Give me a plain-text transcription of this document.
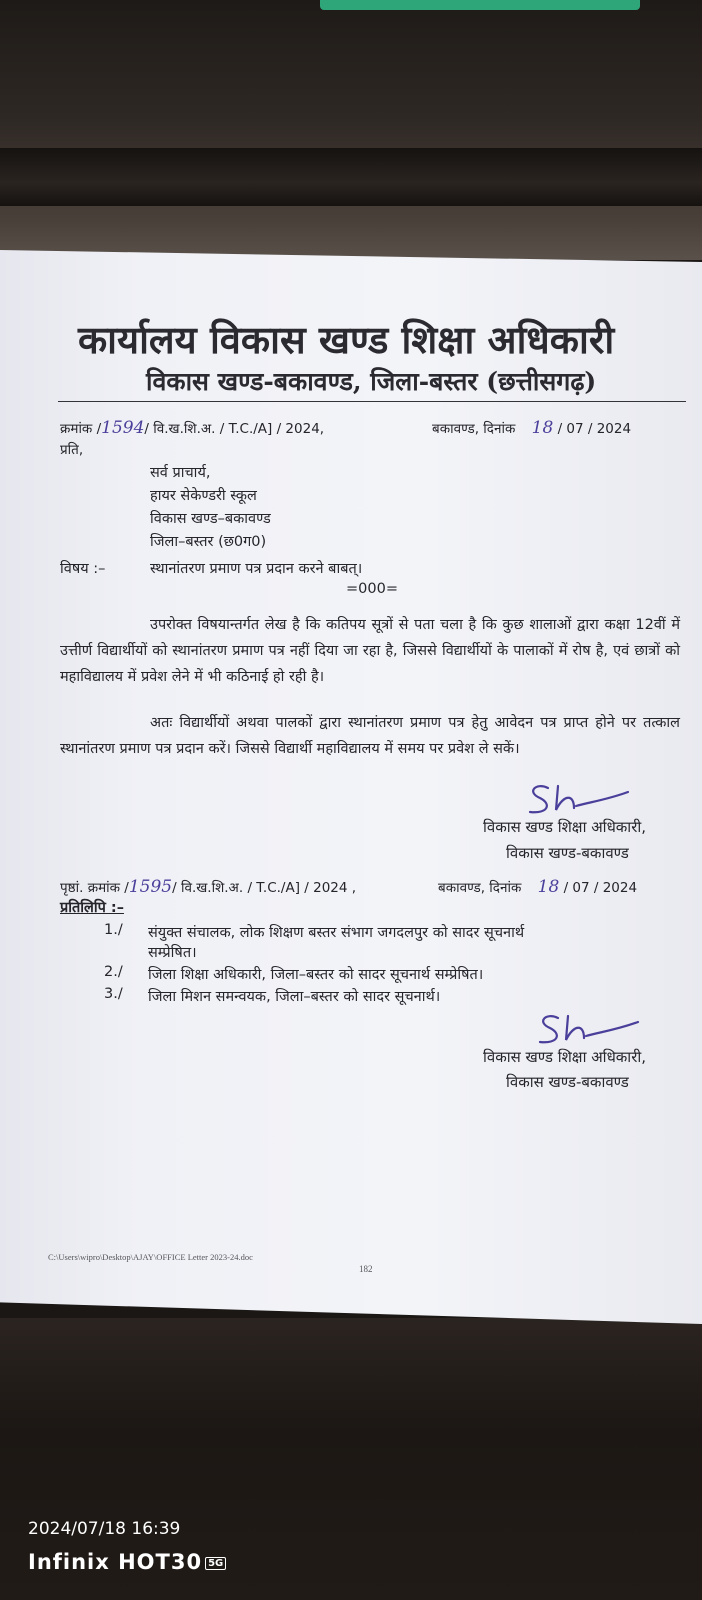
कार्यालय विकास खण्ड शिक्षा अधिकारी
विकास खण्ड-बकावण्ड, जिला-बस्तर (छत्तीसगढ़)
क्रमांक /1594/ वि.ख.शि.अ. / T.C./A] / 2024,	बकावण्ड, दिनांक 18 / 07 / 2024
प्रति,
सर्व प्राचार्य,
हायर सेकेण्डरी स्कूल
विकास खण्ड–बकावण्ड
जिला–बस्तर (छ0ग0)
विषय :–	स्थानांतरण प्रमाण पत्र प्रदान करने बाबत्।
=000=
उपरोक्त विषयान्तर्गत लेख है कि कतिपय सूत्रों से पता चला है कि कुछ शालाओं द्वारा कक्षा 12वीं में उत्तीर्ण विद्यार्थीयों को स्थानांतरण प्रमाण पत्र नहीं दिया जा रहा है, जिससे विद्यार्थीयों के पालाकों में रोष है, एवं छात्रों को महाविद्यालय में प्रवेश लेने में भी कठिनाई हो रही है।
अतः विद्यार्थीयों अथवा पालकों द्वारा स्थानांतरण प्रमाण पत्र हेतु आवेदन पत्र प्राप्त होने पर तत्काल स्थानांतरण प्रमाण पत्र प्रदान करें। जिससे विद्यार्थी महाविद्यालय में समय पर प्रवेश ले सकें।
विकास खण्ड शिक्षा अधिकारी,
विकास खण्ड-बकावण्ड
पृष्ठां. क्रमांक /1595/ वि.ख.शि.अ. / T.C./A] / 2024 ,	बकावण्ड, दिनांक 18 / 07 / 2024
प्रतिलिपि :–
1./ संयुक्त संचालक, लोक शिक्षण बस्तर संभाग जगदलपुर को सादर सूचनार्थ
सम्प्रेषित।
2./ जिला शिक्षा अधिकारी, जिला–बस्तर को सादर सूचनार्थ सम्प्रेषित।
3./ जिला मिशन समन्वयक, जिला–बस्तर को सादर सूचनार्थ।
विकास खण्ड शिक्षा अधिकारी,
विकास खण्ड-बकावण्ड
C:\Users\wipro\Desktop\AJAY\OFFICE Letter 2023-24.doc
182
2024/07/18 16:39
Infinix HOT30 5G
